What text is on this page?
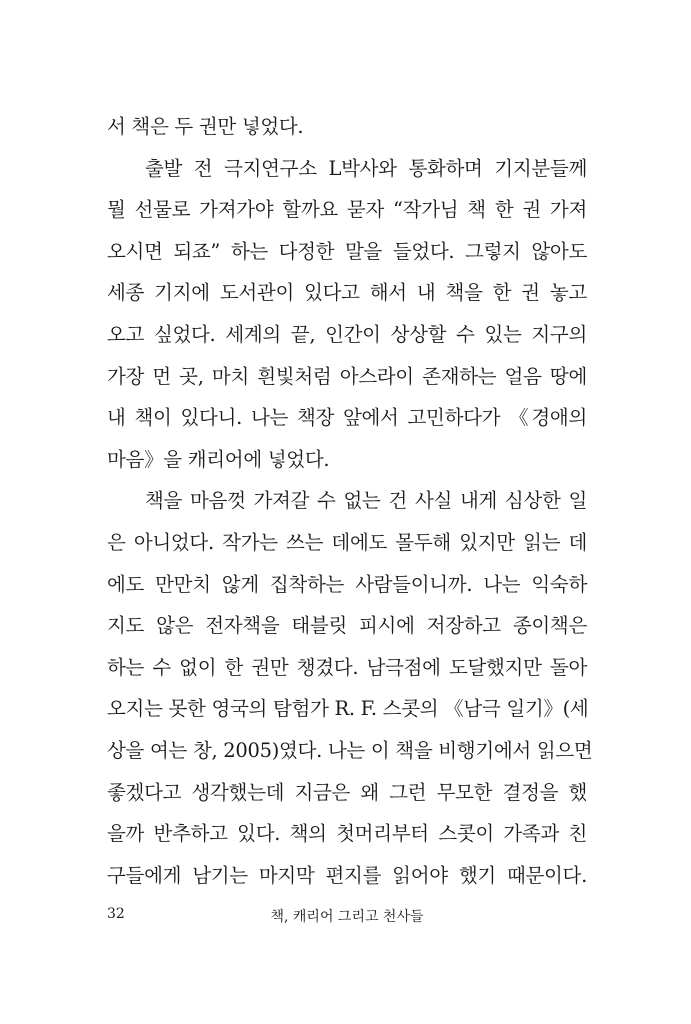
서 책은 두 권만 넣었다.
출발 전 극지연구소 L박사와 통화하며 기지분들께
뭘 선물로 가져가야 할까요 묻자 “작가님 책 한 권 가져
오시면 되죠” 하는 다정한 말을 들었다. 그렇지 않아도
세종 기지에 도서관이 있다고 해서 내 책을 한 권 놓고
오고 싶었다. 세계의 끝, 인간이 상상할 수 있는 지구의
가장 먼 곳, 마치 흰빛처럼 아스라이 존재하는 얼음 땅에
내 책이 있다니. 나는 책장 앞에서 고민하다가 《경애의
마음》을 캐리어에 넣었다.
책을 마음껏 가져갈 수 없는 건 사실 내게 심상한 일
은 아니었다. 작가는 쓰는 데에도 몰두해 있지만 읽는 데
에도 만만치 않게 집착하는 사람들이니까. 나는 익숙하
지도 않은 전자책을 태블릿 피시에 저장하고 종이책은
하는 수 없이 한 권만 챙겼다. 남극점에 도달했지만 돌아
오지는 못한 영국의 탐험가 R. F. 스콧의 《남극 일기》(세
상을 여는 창, 2005)였다. 나는 이 책을 비행기에서 읽으면
좋겠다고 생각했는데 지금은 왜 그런 무모한 결정을 했
을까 반추하고 있다. 책의 첫머리부터 스콧이 가족과 친
구들에게 남기는 마지막 편지를 읽어야 했기 때문이다.
32	책, 캐리어 그리고 천사들
